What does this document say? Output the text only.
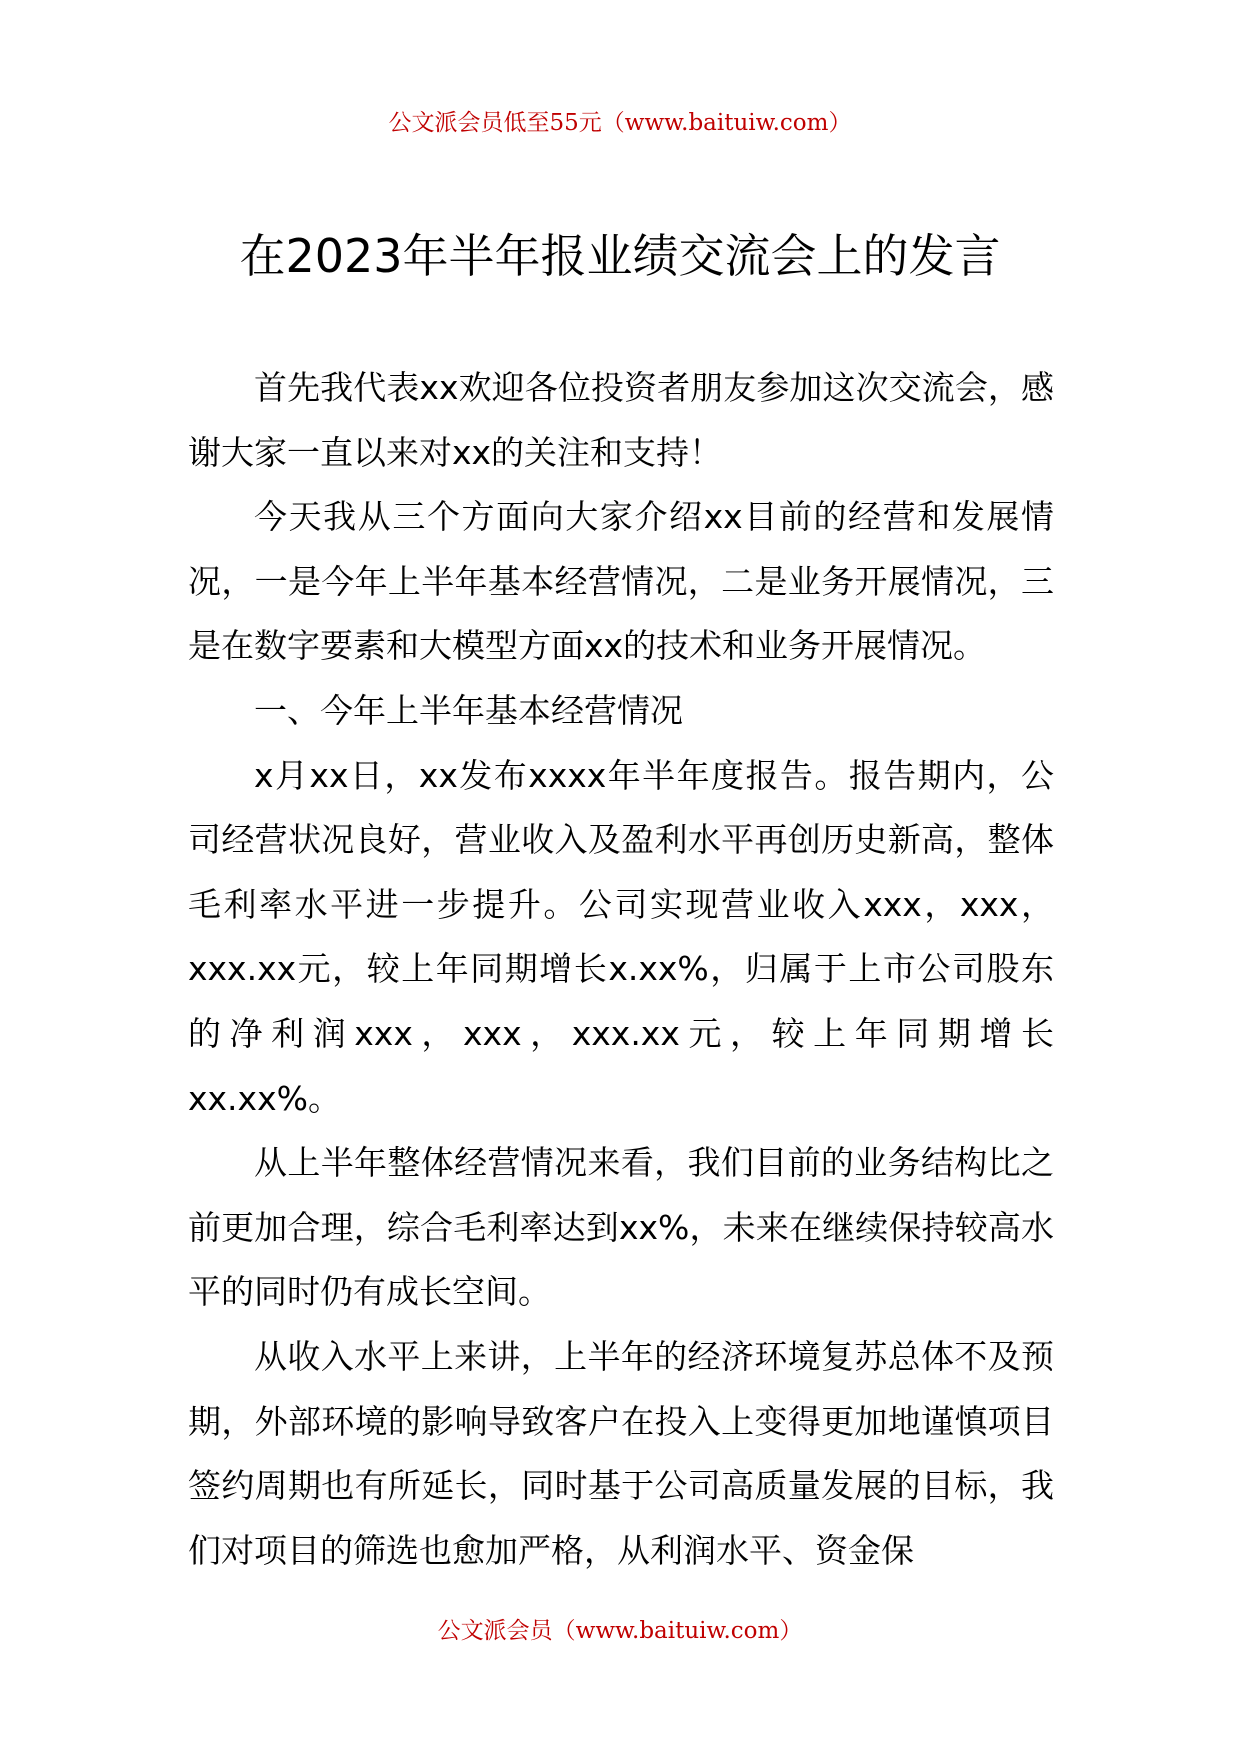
公文派会员低至55元（www.baituiw.com）
在2023年半年报业绩交流会上的发言

首先我代表xx欢迎各位投资者朋友参加这次交流会，感谢大家一直以来对xx的关注和支持！

今天我从三个方面向大家介绍xx目前的经营和发展情况，一是今年上半年基本经营情况，二是业务开展情况，三是在数字要素和大模型方面xx的技术和业务开展情况。

一、今年上半年基本经营情况

x月xx日，xx发布xxxx年半年度报告。报告期内，公司经营状况良好，营业收入及盈利水平再创历史新高，整体毛利率水平进一步提升。公司实现营业收入xxx，xxx，xxx.xx元，较上年同期增长x.xx%，归属于上市公司股东的净利润xxx，xxx，xxx.xx元，较上年同期增长xx.xx%。

从上半年整体经营情况来看，我们目前的业务结构比之前更加合理，综合毛利率达到xx%，未来在继续保持较高水平的同时仍有成长空间。

从收入水平上来讲，上半年的经济环境复苏总体不及预期，外部环境的影响导致客户在投入上变得更加地谨慎项目签约周期也有所延长，同时基于公司高质量发展的目标，我们对项目的筛选也愈加严格，从利润水平、资金保

公文派会员（www.baituiw.com）
